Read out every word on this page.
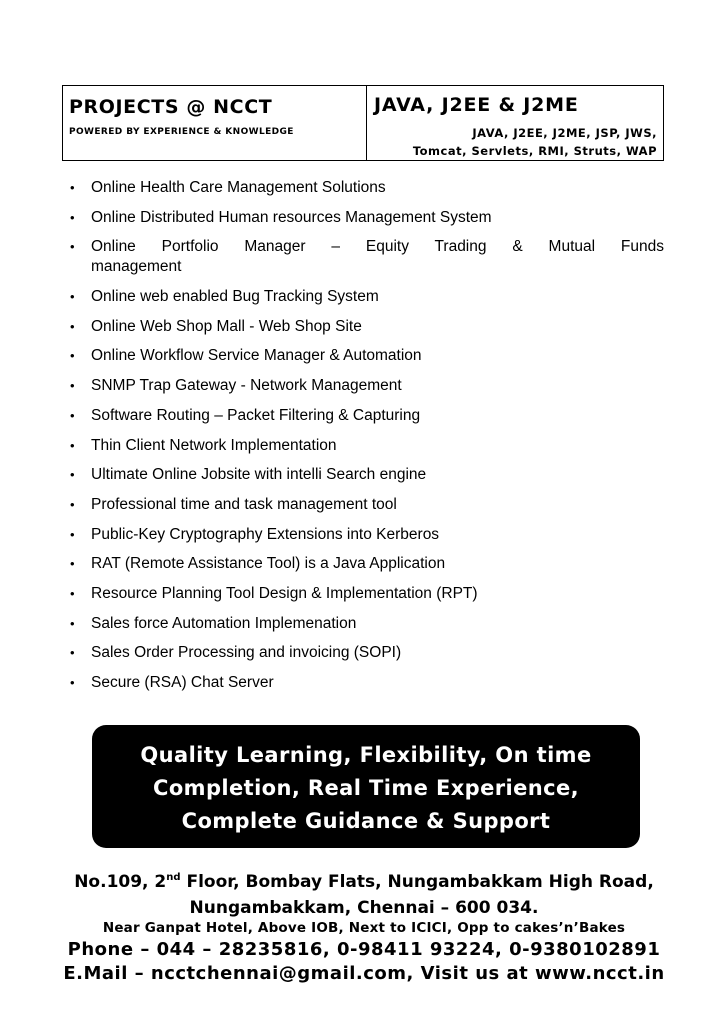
PROJECTS @ NCCT
POWERED BY EXPERIENCE & KNOWLEDGE
JAVA, J2EE & J2ME
JAVA, J2EE, J2ME, JSP, JWS,
Tomcat, Servlets, RMI, Struts, WAP
• Online Health Care Management Solutions
• Online Distributed Human resources Management System
• Online Portfolio Manager – Equity Trading & Mutual Funds
management
• Online web enabled Bug Tracking System
• Online Web Shop Mall - Web Shop Site
• Online Workflow Service Manager & Automation
• SNMP Trap Gateway - Network Management
• Software Routing – Packet Filtering & Capturing
• Thin Client Network Implementation
• Ultimate Online Jobsite with intelli Search engine
• Professional time and task management tool
• Public-Key Cryptography Extensions into Kerberos
• RAT (Remote Assistance Tool) is a Java Application
• Resource Planning Tool Design & Implementation (RPT)
• Sales force Automation Implemenation
• Sales Order Processing and invoicing (SOPI)
• Secure (RSA) Chat Server
Quality Learning, Flexibility, On time
Completion, Real Time Experience,
Complete Guidance & Support
No.109, 2nd Floor, Bombay Flats, Nungambakkam High Road,
Nungambakkam, Chennai – 600 034.
Near Ganpat Hotel, Above IOB, Next to ICICI, Opp to cakes’n’Bakes
Phone – 044 – 28235816, 0-98411 93224, 0-9380102891
E.Mail – ncctchennai@gmail.com, Visit us at www.ncct.in
